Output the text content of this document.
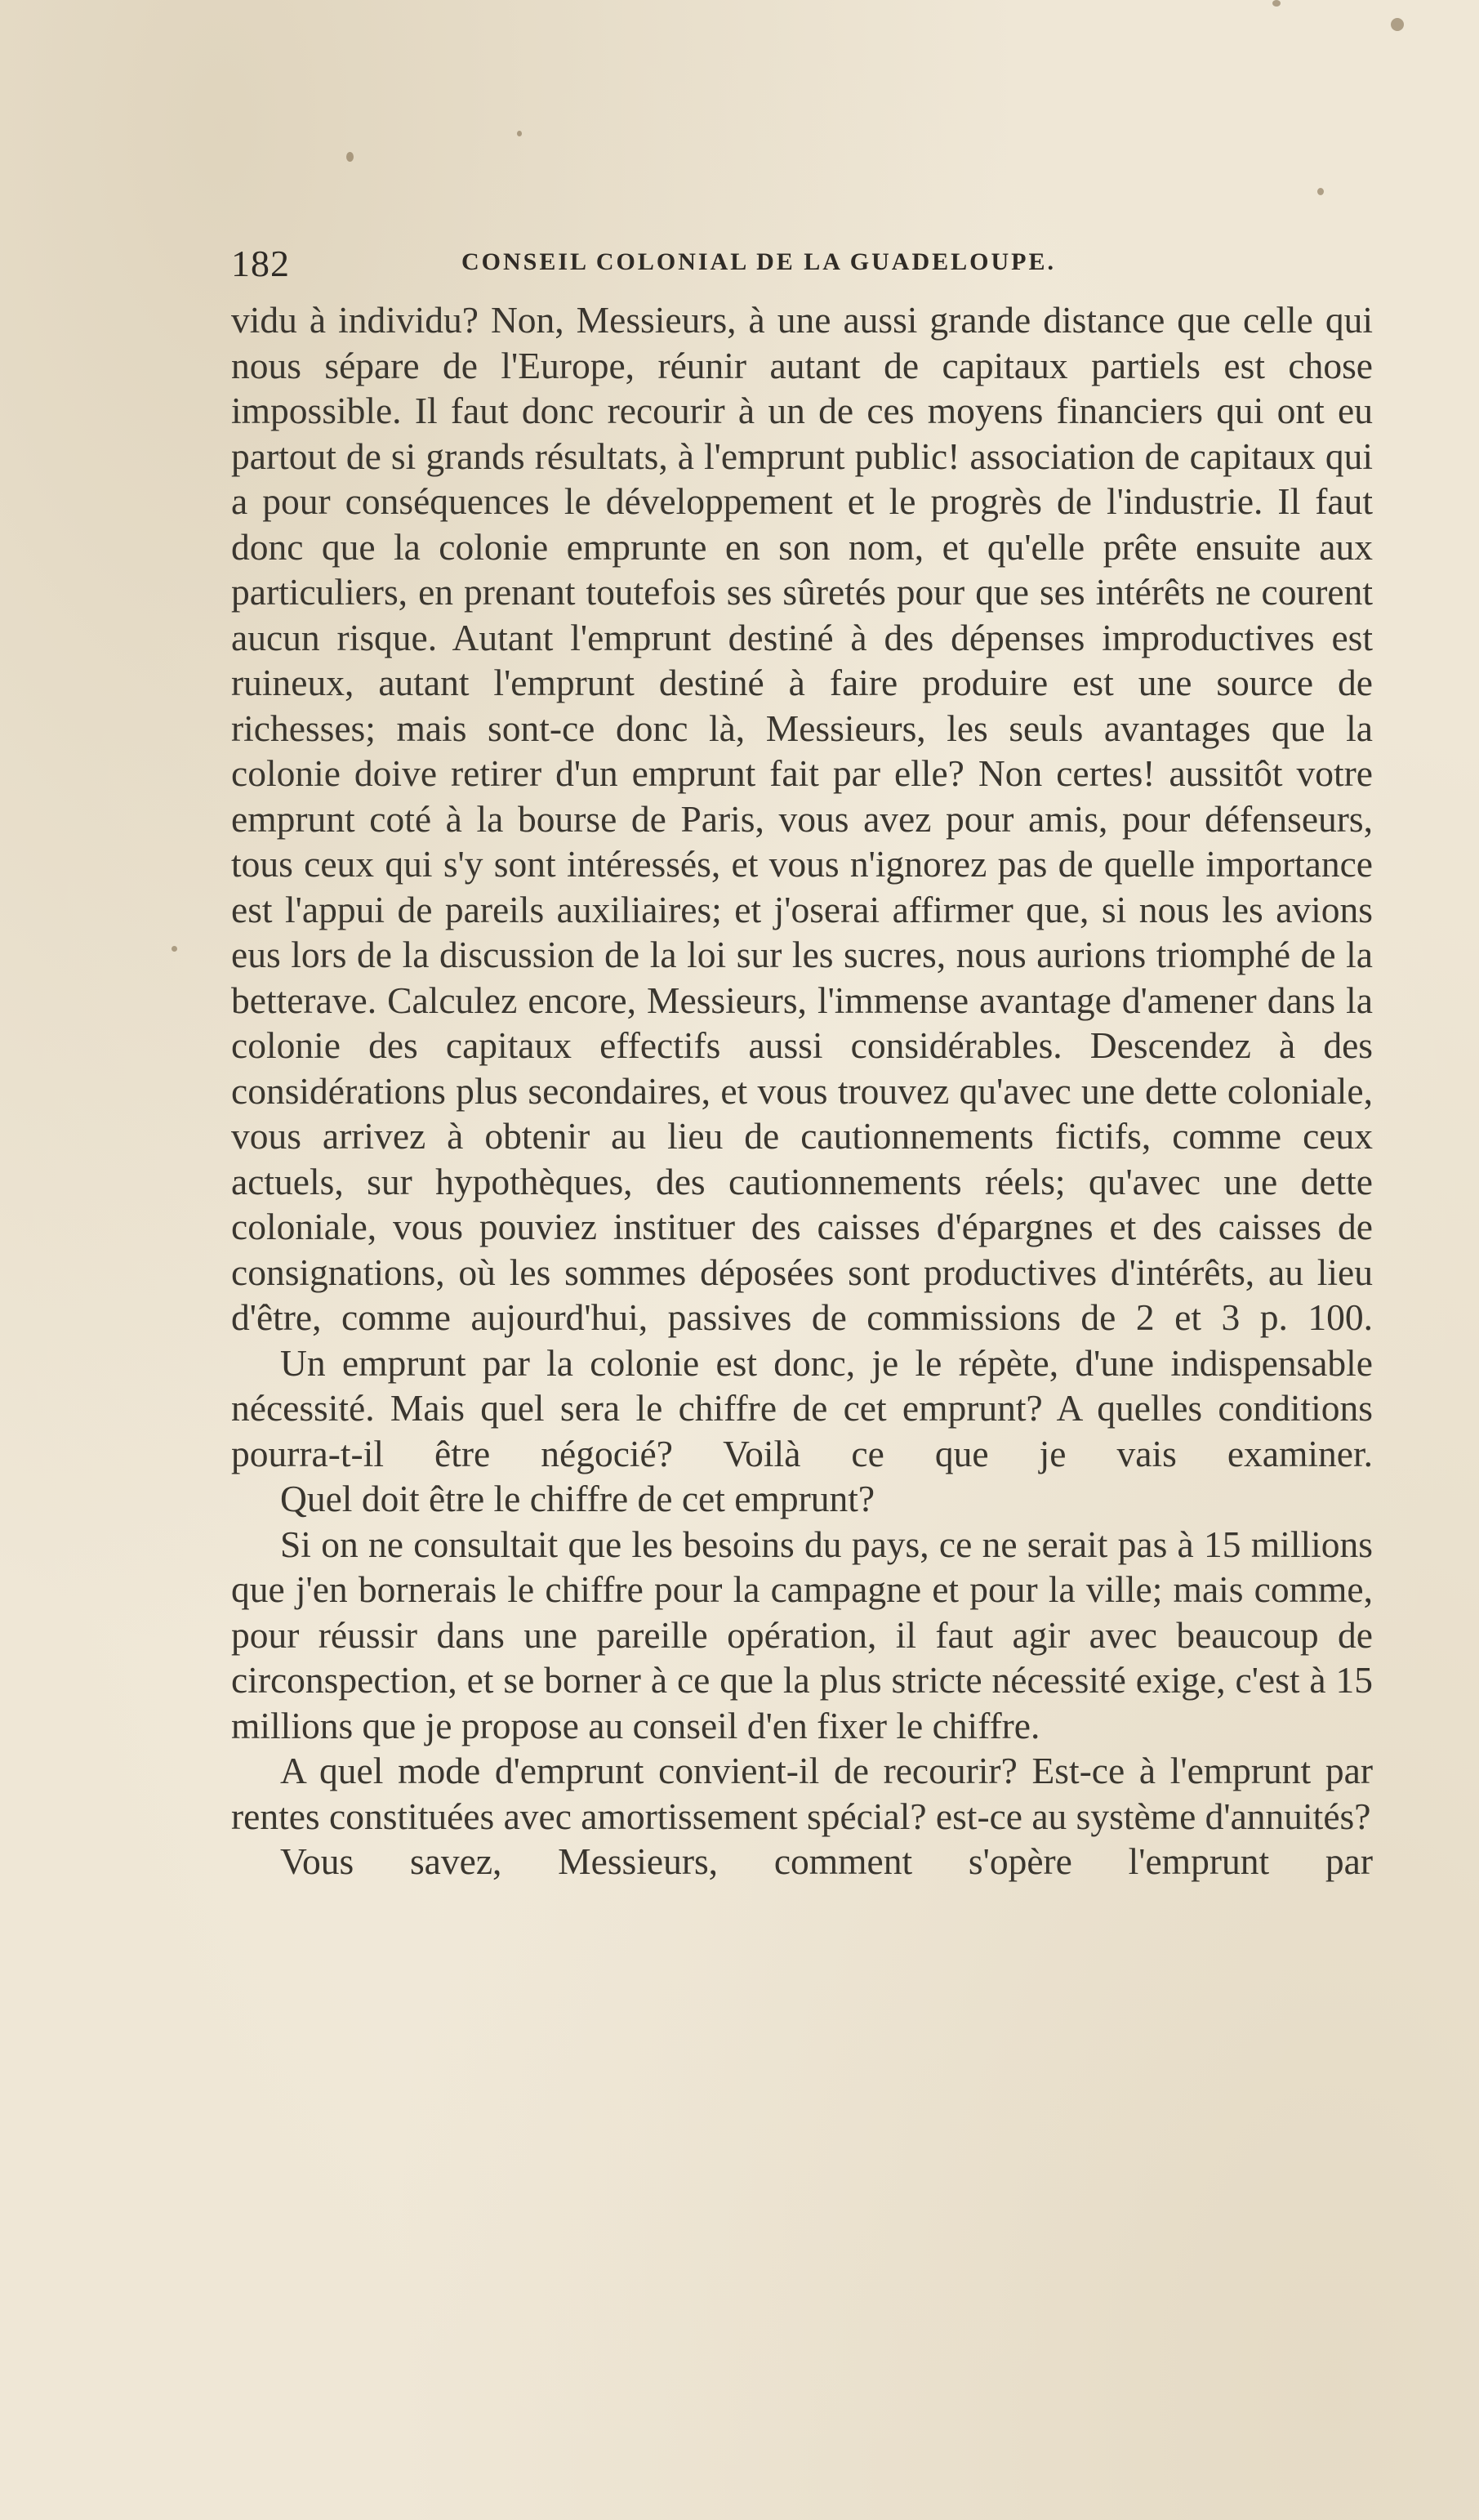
182	CONSEIL COLONIAL DE LA GUADELOUPE.

vidu à individu? Non, Messieurs, à une aussi grande distance que celle qui nous sépare de l'Europe, réunir autant de capitaux partiels est chose impossible. Il faut donc recourir à un de ces moyens financiers qui ont eu partout de si grands résultats, à l'emprunt public! association de capitaux qui a pour conséquences le développement et le progrès de l'industrie. Il faut donc que la colonie emprunte en son nom, et qu'elle prête ensuite aux particuliers, en prenant toutefois ses sûretés pour que ses intérêts ne courent aucun risque. Autant l'emprunt destiné à des dépenses improductives est ruineux, autant l'emprunt destiné à faire produire est une source de richesses; mais sont-ce donc là, Messieurs, les seuls avantages que la colonie doive retirer d'un emprunt fait par elle? Non certes! aussitôt votre emprunt coté à la bourse de Paris, vous avez pour amis, pour défenseurs, tous ceux qui s'y sont intéressés, et vous n'ignorez pas de quelle importance est l'appui de pareils auxiliaires; et j'oserai affirmer que, si nous les avions eus lors de la discussion de la loi sur les sucres, nous aurions triomphé de la betterave. Calculez encore, Messieurs, l'immense avantage d'amener dans la colonie des capitaux effectifs aussi considérables. Descendez à des considérations plus secondaires, et vous trouvez qu'avec une dette coloniale, vous arrivez à obtenir au lieu de cautionnements fictifs, comme ceux actuels, sur hypothèques, des cautionnements réels; qu'avec une dette coloniale, vous pouviez instituer des caisses d'épargnes et des caisses de consignations, où les sommes déposées sont productives d'intérêts, au lieu d'être, comme aujourd'hui, passives de commissions de 2 et 3 p. 100.

Un emprunt par la colonie est donc, je le répète, d'une indispensable nécessité. Mais quel sera le chiffre de cet emprunt? A quelles conditions pourra-t-il être négocié? Voilà ce que je vais examiner.

Quel doit être le chiffre de cet emprunt?

Si on ne consultait que les besoins du pays, ce ne serait pas à 15 millions que j'en bornerais le chiffre pour la campagne et pour la ville; mais comme, pour réussir dans une pareille opération, il faut agir avec beaucoup de circonspection, et se borner à ce que la plus stricte nécessité exige, c'est à 15 millions que je propose au conseil d'en fixer le chiffre.

A quel mode d'emprunt convient-il de recourir? Est-ce à l'emprunt par rentes constituées avec amortissement spécial? est-ce au système d'annuités?

Vous savez, Messieurs, comment s'opère l'emprunt par
